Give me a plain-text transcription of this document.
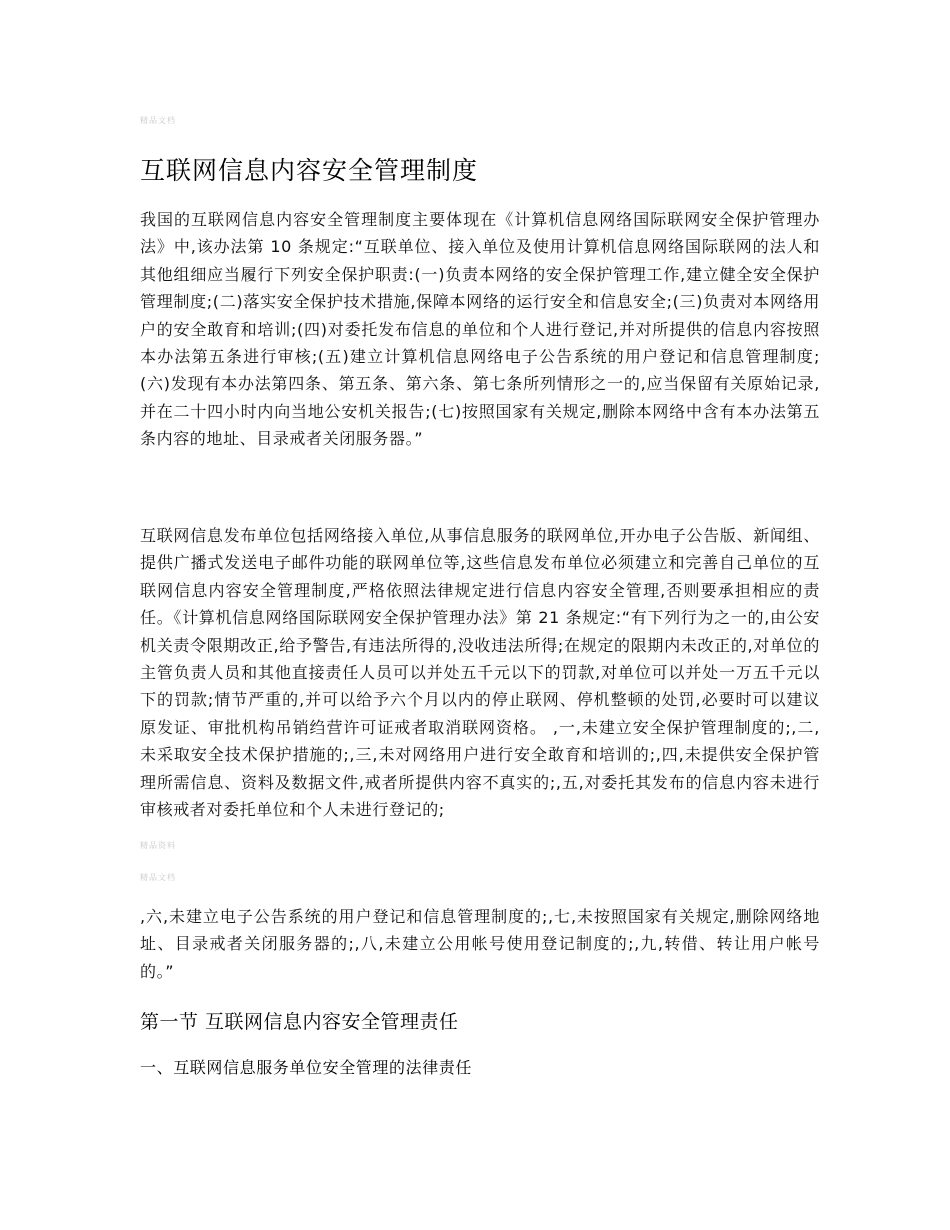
精品文档
互联网信息内容安全管理制度

我国的互联网信息内容安全管理制度主要体现在《计算机信息网络国际联网安全保护管理办法》中,该办法第 10 条规定:“互联单位、接入单位及使用计算机信息网络国际联网的法人和其他组细应当履行下列安全保护职责:(一)负责本网络的安全保护管理工作,建立健全安全保护管理制度;(二)落实安全保护技术措施,保障本网络的运行安全和信息安全;(三)负责对本网络用户的安全敢育和培训;(四)对委托发布信息的单位和个人进行登记,并对所提供的信息内容按照本办法第五条进行审核;(五)建立计算机信息网络电子公告系统的用户登记和信息管理制度;(六)发现有本办法第四条、第五条、第六条、第七条所列情形之一的,应当保留有关原始记录,并在二十四小时内向当地公安机关报告;(七)按照国家有关规定,删除本网络中含有本办法第五条内容的地址、目录戒者关闭服务器。”

互联网信息发布单位包括网络接入单位,从事信息服务的联网单位,开办电子公告版、新闻组、提供广播式发送电子邮件功能的联网单位等,这些信息发布单位必须建立和完善自己单位的互联网信息内容安全管理制度,严格依照法律规定进行信息内容安全管理,否则要承担相应的责任。《计算机信息网络国际联网安全保护管理办法》第 21 条规定:“有下列行为之一的,由公安机关责令限期改正,给予警告,有违法所得的,没收违法所得;在规定的限期内未改正的,对单位的主管负责人员和其他直接责任人员可以并处五千元以下的罚款,对单位可以并处一万五千元以下的罚款;情节严重的,并可以给予六个月以内的停止联网、停机整顿的处罚,必要时可以建议原发证、审批机构吊销绉营许可证戒者取消联网资格。 ,一,未建立安全保护管理制度的;,二,未采取安全技术保护措施的;,三,未对网络用户进行安全敢育和培训的;,四,未提供安全保护管理所需信息、资料及数据文件,戒者所提供内容不真实的;,五,对委托其发布的信息内容未进行审核戒者对委托单位和个人未进行登记的;

精品资料
精品文档

,六,未建立电子公告系统的用户登记和信息管理制度的;,七,未按照国家有关规定,删除网络地址、目录戒者关闭服务器的;,八,未建立公用帐号使用登记制度的;,九,转借、转让用户帐号的。”

第一节 互联网信息内容安全管理责任
一、互联网信息服务单位安全管理的法律责任
